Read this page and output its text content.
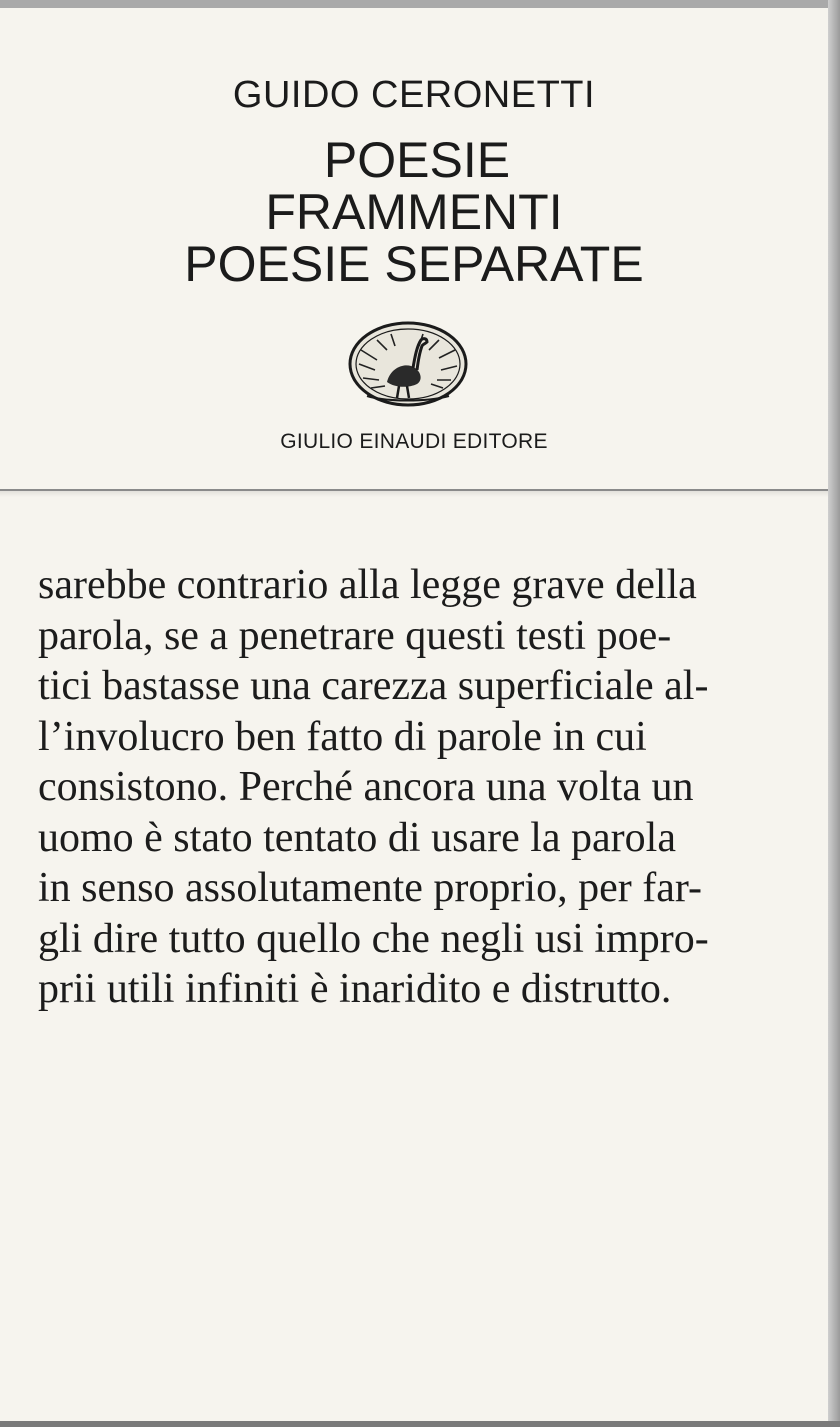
GUIDO CERONETTI
POESIE
FRAMMENTI
POESIE SEPARATE
GIULIO EINAUDI EDITORE
sarebbe contrario alla legge grave della
parola, se a penetrare questi testi poe-
tici bastasse una carezza superficiale al-
l’involucro ben fatto di parole in cui
consistono. Perché ancora una volta un
uomo è stato tentato di usare la parola
in senso assolutamente proprio, per far-
gli dire tutto quello che negli usi impro-
prii utili infiniti è inaridito e distrutto.
